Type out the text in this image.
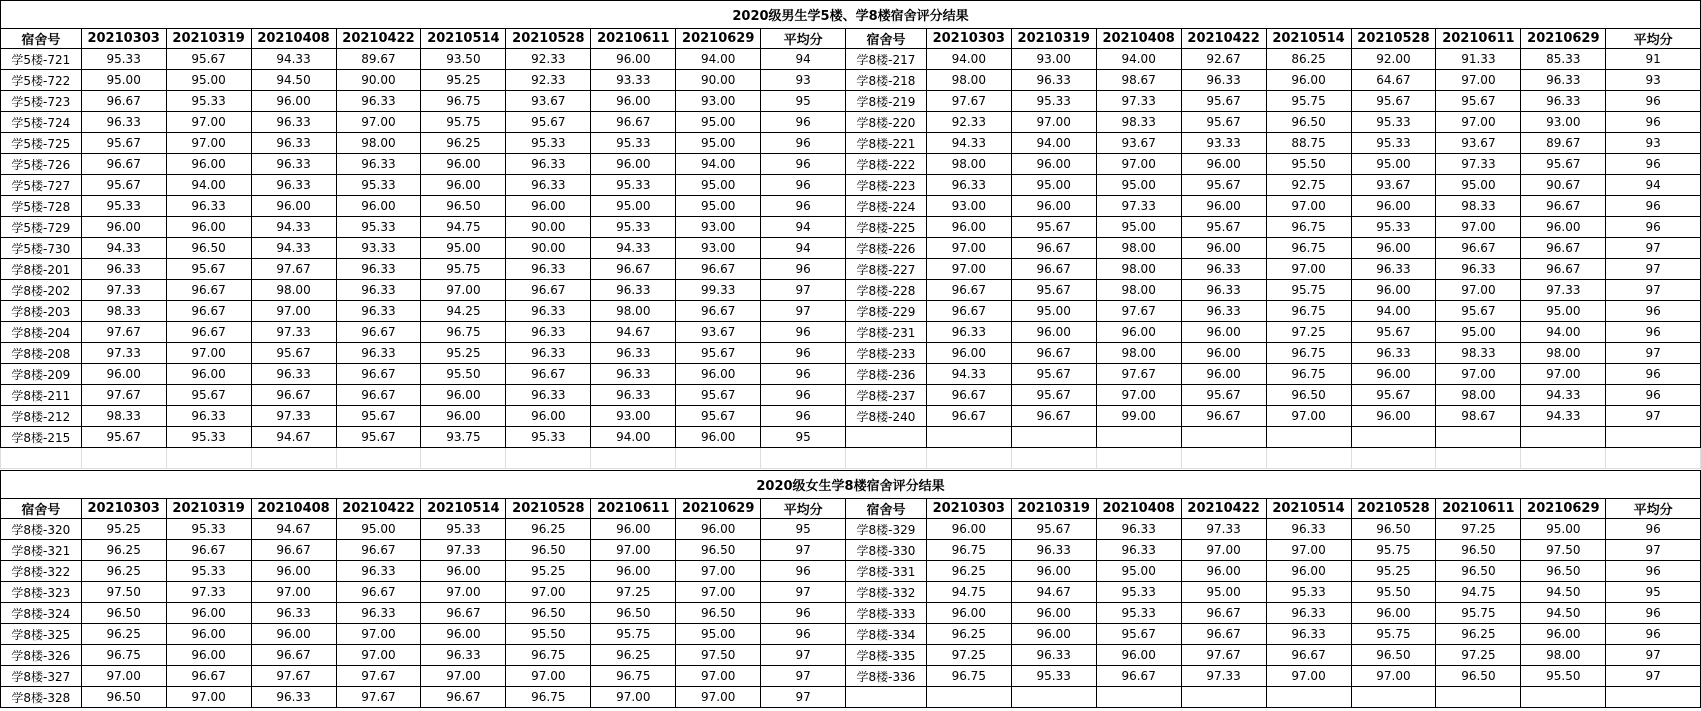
2020级男生学5楼、学8楼宿舍评分结果																			
宿舍号	20210303	20210319	20210408	20210422	20210514	20210528	20210611	20210629	平均分	宿舍号	20210303	20210319	20210408	20210422	20210514	20210528	20210611	20210629	平均分
学5楼-721	95.33	95.67	94.33	89.67	93.50	92.33	96.00	94.00	94	学8楼-217	94.00	93.00	94.00	92.67	86.25	92.00	91.33	85.33	91
学5楼-722	95.00	95.00	94.50	90.00	95.25	92.33	93.33	90.00	93	学8楼-218	98.00	96.33	98.67	96.33	96.00	64.67	97.00	96.33	93
学5楼-723	96.67	95.33	96.00	96.33	96.75	93.67	96.00	93.00	95	学8楼-219	97.67	95.33	97.33	95.67	95.75	95.67	95.67	96.33	96
学5楼-724	96.33	97.00	96.33	97.00	95.75	95.67	96.67	95.00	96	学8楼-220	92.33	97.00	98.33	95.67	96.50	95.33	97.00	93.00	96
学5楼-725	95.67	97.00	96.33	98.00	96.25	95.33	95.33	95.00	96	学8楼-221	94.33	94.00	93.67	93.33	88.75	95.33	93.67	89.67	93
学5楼-726	96.67	96.00	96.33	96.33	96.00	96.33	96.00	94.00	96	学8楼-222	98.00	96.00	97.00	96.00	95.50	95.00	97.33	95.67	96
学5楼-727	95.67	94.00	96.33	95.33	96.00	96.33	95.33	95.00	96	学8楼-223	96.33	95.00	95.00	95.67	92.75	93.67	95.00	90.67	94
学5楼-728	95.33	96.33	96.00	96.00	96.50	96.00	95.00	95.00	96	学8楼-224	93.00	96.00	97.33	96.00	97.00	96.00	98.33	96.67	96
学5楼-729	96.00	96.00	94.33	95.33	94.75	90.00	95.33	93.00	94	学8楼-225	96.00	95.67	95.00	95.67	96.75	95.33	97.00	96.00	96
学5楼-730	94.33	96.50	94.33	93.33	95.00	90.00	94.33	93.00	94	学8楼-226	97.00	96.67	98.00	96.00	96.75	96.00	96.67	96.67	97
学8楼-201	96.33	95.67	97.67	96.33	95.75	96.33	96.67	96.67	96	学8楼-227	97.00	96.67	98.00	96.33	97.00	96.33	96.33	96.67	97
学8楼-202	97.33	96.67	98.00	96.33	97.00	96.67	96.33	99.33	97	学8楼-228	96.67	95.67	98.00	96.33	95.75	96.00	97.00	97.33	97
学8楼-203	98.33	96.67	97.00	96.33	94.25	96.33	98.00	96.67	97	学8楼-229	96.67	95.00	97.67	96.33	96.75	94.00	95.67	95.00	96
学8楼-204	97.67	96.67	97.33	96.67	96.75	96.33	94.67	93.67	96	学8楼-231	96.33	96.00	96.00	96.00	97.25	95.67	95.00	94.00	96
学8楼-208	97.33	97.00	95.67	96.33	95.25	96.33	96.33	95.67	96	学8楼-233	96.00	96.67	98.00	96.00	96.75	96.33	98.33	98.00	97
学8楼-209	96.00	96.00	96.33	96.67	95.50	96.67	96.33	96.00	96	学8楼-236	94.33	95.67	97.67	96.00	96.75	96.00	97.00	97.00	96
学8楼-211	97.67	95.67	96.67	96.67	96.00	96.33	96.33	95.67	96	学8楼-237	96.67	95.67	97.00	95.67	96.50	95.67	98.00	94.33	96
学8楼-212	98.33	96.33	97.33	95.67	96.00	96.00	93.00	95.67	96	学8楼-240	96.67	96.67	99.00	96.67	97.00	96.00	98.67	94.33	97
学8楼-215	95.67	95.33	94.67	95.67	93.75	95.33	94.00	96.00	95										

2020级女生学8楼宿舍评分结果																			
宿舍号	20210303	20210319	20210408	20210422	20210514	20210528	20210611	20210629	平均分	宿舍号	20210303	20210319	20210408	20210422	20210514	20210528	20210611	20210629	平均分
学8楼-320	95.25	95.33	94.67	95.00	95.33	96.25	96.00	96.00	95	学8楼-329	96.00	95.67	96.33	97.33	96.33	96.50	97.25	95.00	96
学8楼-321	96.25	96.67	96.67	96.67	97.33	96.50	97.00	96.50	97	学8楼-330	96.75	96.33	96.33	97.00	97.00	95.75	96.50	97.50	97
学8楼-322	96.25	95.33	96.00	96.33	96.00	95.25	96.00	97.00	96	学8楼-331	96.25	96.00	95.00	96.00	96.00	95.25	96.50	96.50	96
学8楼-323	97.50	97.33	97.00	96.67	97.00	97.00	97.25	97.00	97	学8楼-332	94.75	94.67	95.33	95.00	95.33	95.50	94.75	94.50	95
学8楼-324	96.50	96.00	96.33	96.33	96.67	96.50	96.50	96.50	96	学8楼-333	96.00	96.00	95.33	96.67	96.33	96.00	95.75	94.50	96
学8楼-325	96.25	96.00	96.00	97.00	96.00	95.50	95.75	95.00	96	学8楼-334	96.25	96.00	95.67	96.67	96.33	95.75	96.25	96.00	96
学8楼-326	96.75	96.00	96.67	97.00	96.33	96.75	96.25	97.50	97	学8楼-335	97.25	96.33	96.00	97.67	96.67	96.50	97.25	98.00	97
学8楼-327	97.00	96.67	97.67	97.67	97.00	97.00	96.75	97.00	97	学8楼-336	96.75	95.33	96.67	97.33	97.00	97.00	96.50	95.50	97
学8楼-328	96.50	97.00	96.33	97.67	96.67	96.75	97.00	97.00	97										
